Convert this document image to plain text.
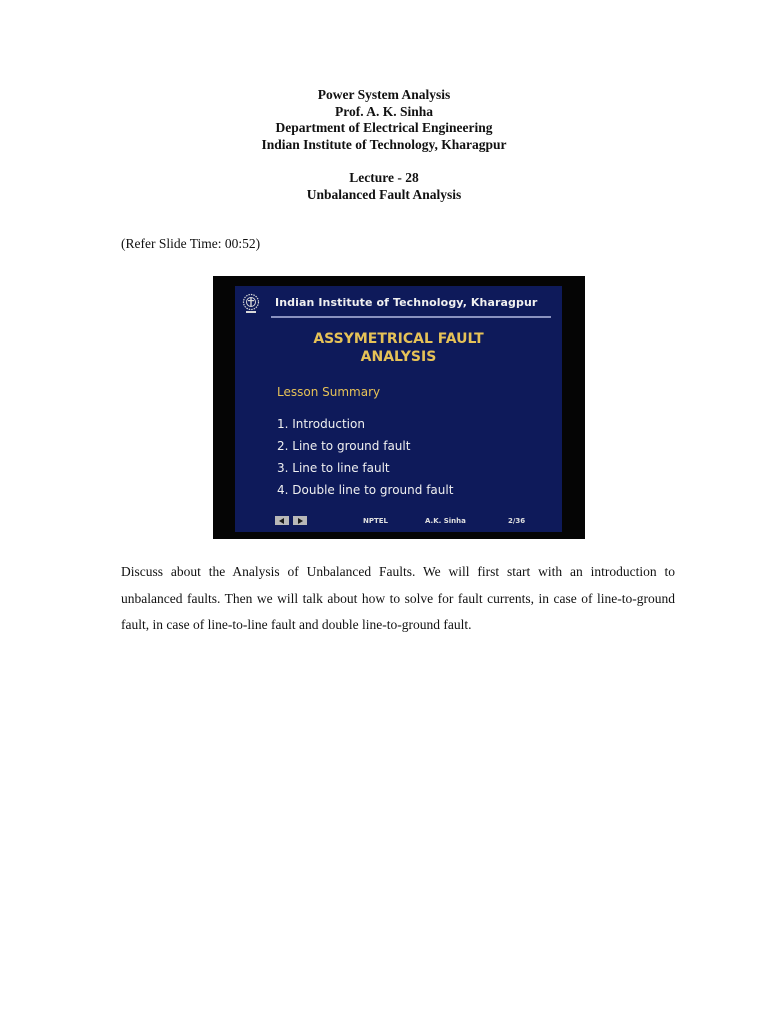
Power System Analysis
Prof. A. K. Sinha
Department of Electrical Engineering
Indian Institute of Technology, Kharagpur
Lecture - 28
Unbalanced Fault Analysis
(Refer Slide Time: 00:52)
Indian Institute of Technology, Kharagpur
ASSYMETRICAL FAULT
ANALYSIS
Lesson Summary
1. Introduction
2. Line to ground fault
3. Line to line fault
4. Double line to ground fault
NPTEL	A.K. Sinha	2/36
Discuss about the Analysis of Unbalanced Faults. We will first start with an introduction to unbalanced faults. Then we will talk about how to solve for fault currents, in case of line-to-ground fault, in case of line-to-line fault and double line-to-ground fault.
